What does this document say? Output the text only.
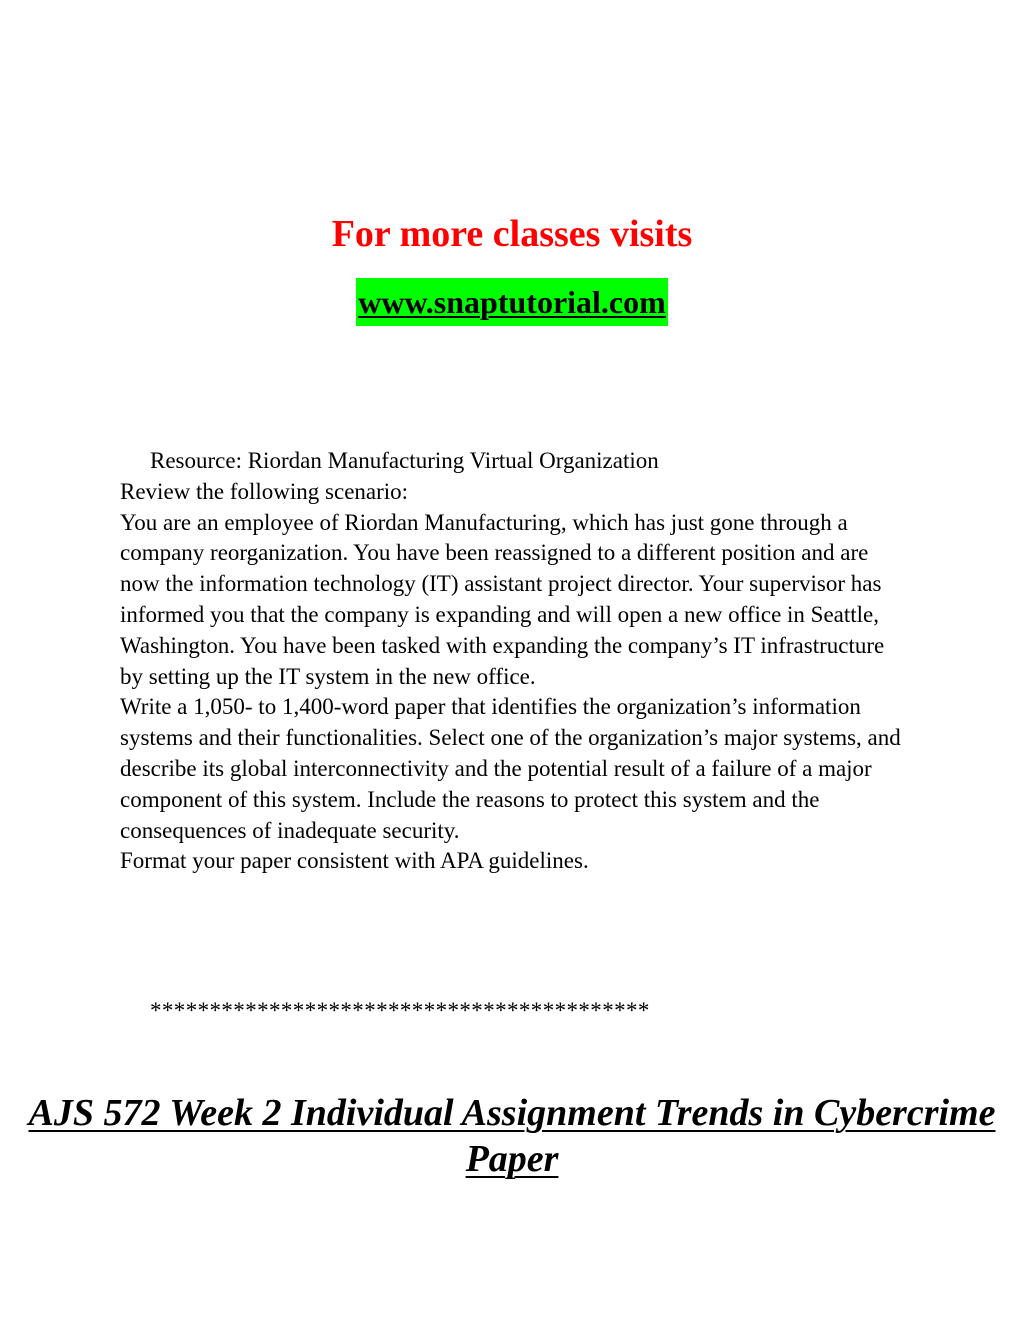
For more classes visits
www.snaptutorial.com

Resource: Riordan Manufacturing Virtual Organization

Review the following scenario:

You are an employee of Riordan Manufacturing, which has just gone through a company reorganization. You have been reassigned to a different position and are now the information technology (IT) assistant project director. Your supervisor has informed you that the company is expanding and will open a new office in Seattle, Washington. You have been tasked with expanding the company’s IT infrastructure by setting up the IT system in the new office.

Write a 1,050- to 1,400-word paper that identifies the organization’s information systems and their functionalities. Select one of the organization’s major systems, and describe its global interconnectivity and the potential result of a failure of a major component of this system. Include the reasons to protect this system and the consequences of inadequate security.

Format your paper consistent with APA guidelines.

******************************************

AJS 572 Week 2 Individual Assignment Trends in Cybercrime Paper
